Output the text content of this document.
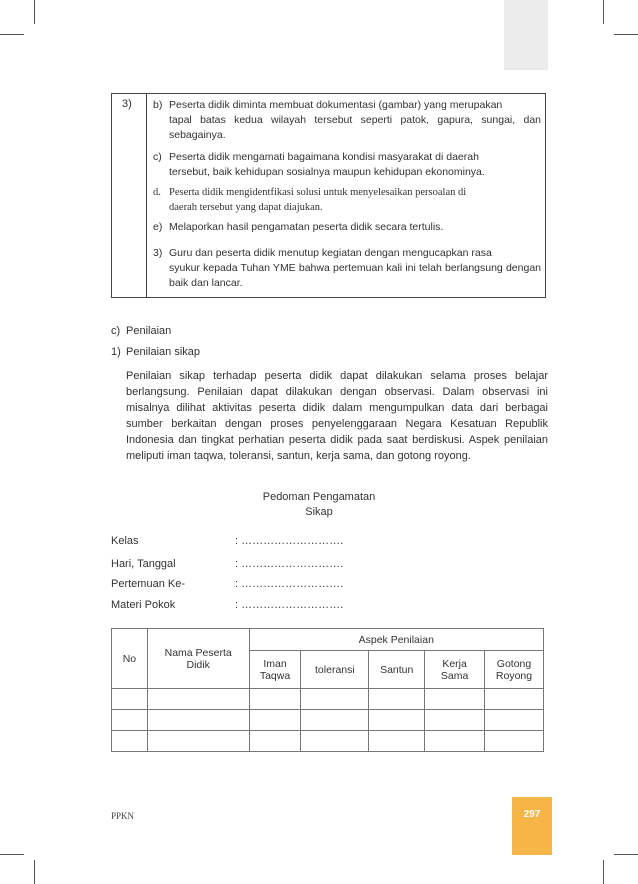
3) b) Peserta didik diminta membuat dokumentasi (gambar) yang merupakan
tapal batas kedua wilayah tersebut seperti patok, gapura, sungai, dan sebagainya.
c) Peserta didik mengamati bagaimana kondisi masyarakat di daerah
tersebut, baik kehidupan sosialnya maupun kehidupan ekonominya.
d. Peserta didik mengidentfikasi solusi untuk menyelesaikan persoalan di
daerah tersebut yang dapat diajukan.
e) Melaporkan hasil pengamatan peserta didik secara tertulis.
3) Guru dan peserta didik menutup kegiatan dengan mengucapkan rasa
syukur kepada Tuhan YME bahwa pertemuan kali ini telah berlangsung dengan baik dan lancar.
c) Penilaian
1) Penilaian sikap
Penilaian sikap terhadap peserta didik dapat dilakukan selama proses belajar berlangsung. Penilaian dapat dilakukan dengan observasi. Dalam observasi ini misalnya dilihat aktivitas peserta didik dalam mengumpulkan data dari berbagai sumber berkaitan dengan proses penyelenggaraan Negara Kesatuan Republik Indonesia dan tingkat perhatian peserta didik pada saat berdiskusi. Aspek penilaian meliputi iman taqwa, toleransi, santun, kerja sama, dan gotong royong.
Pedoman Pengamatan
Sikap
Kelas	: ……………………….
Hari, Tanggal	: ……………………….
Pertemuan Ke-	: ……………………….
Materi Pokok	: ……………………….
No	Nama Peserta Didik	Aspek Penilaian				
		Iman Taqwa	toleransi	Santun	Kerja Sama	Gotong Royong

PPKN	297
